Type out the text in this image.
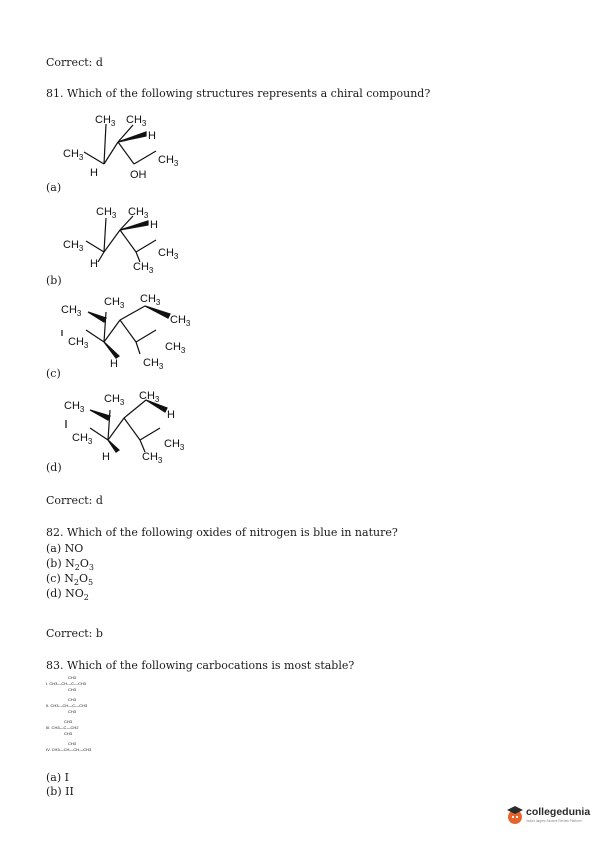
Correct: d
81. Which of the following structures represents a chiral compound?
$CH_3$ $CH_3$
H
$CH_3$	$CH_3$
H	OH
$CH_3$ $CH_3$
H
$CH_3$	$CH_3$
H	$CH_3$
$CH_3$
$CH_3$
$CH_3$
$CH_3$
$CH_3$	$CH_3$
H $CH_3$
$CH_3$
$CH_3$
$CH_3$
H
$CH_3$	$CH_3$
H	$CH_3$
(a)
(b)
(c)
(d)
Correct: d
82. Which of the following oxides of nitrogen is blue in nature?
(a) NO
(b) $N_2O_3$
(c) $N_2O_5$
(d) $NO_2$
Correct: b
83. Which of the following carbocations is most stable?
CH3
I. CH3—CH—C—CH3
CH3
CH3
II. CH3—CH—C—CH3
CH3
CH3
III. CH3—C—CH2
CH3
CH3
IV. CH3—CH—CH—CH3
(a) I
(b) II
collegedunia
India's largest Student Review Platform
